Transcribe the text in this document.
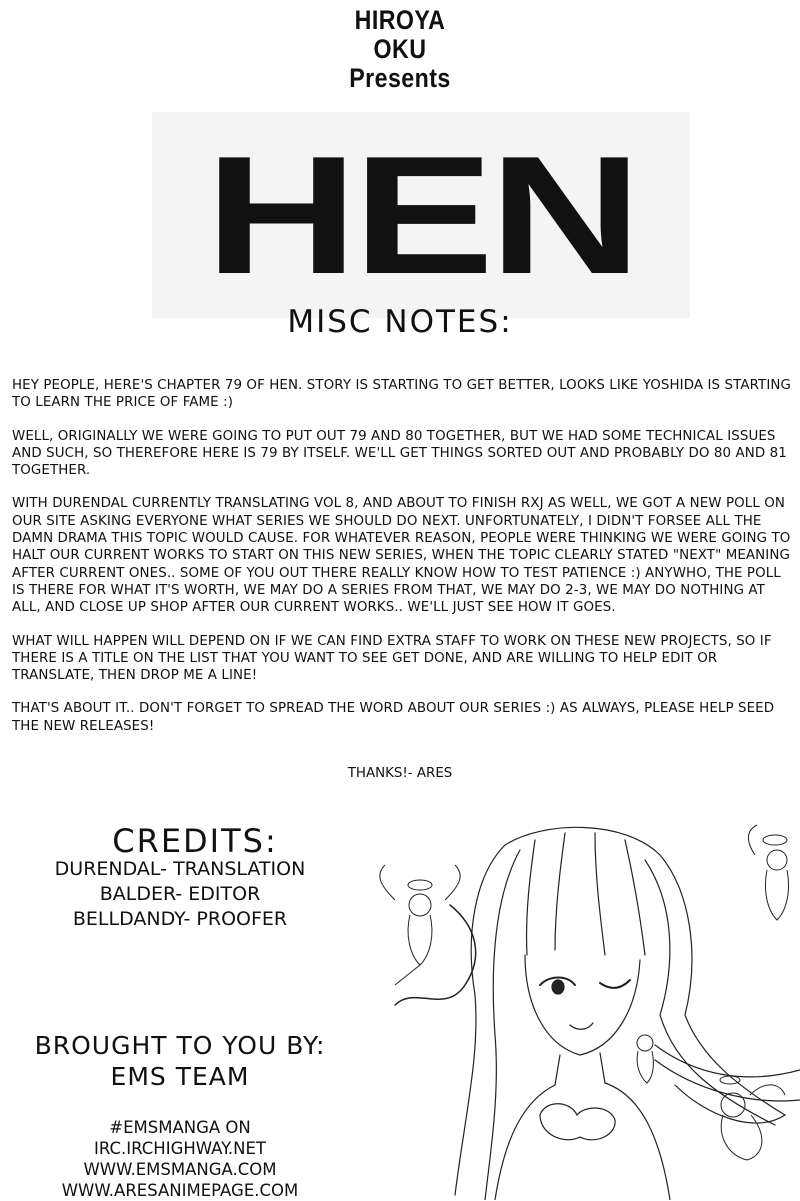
HIROYA
OKU
Presents
HEN
MISC NOTES:

HEY PEOPLE, HERE'S CHAPTER 79 OF HEN. STORY IS STARTING TO GET BETTER, LOOKS LIKE YOSHIDA IS STARTING TO LEARN THE PRICE OF FAME :)

WELL, ORIGINALLY WE WERE GOING TO PUT OUT 79 AND 80 TOGETHER, BUT WE HAD SOME TECHNICAL ISSUES AND SUCH, SO THEREFORE HERE IS 79 BY ITSELF. WE'LL GET THINGS SORTED OUT AND PROBABLY DO 80 AND 81 TOGETHER.

WITH DURENDAL CURRENTLY TRANSLATING VOL 8, AND ABOUT TO FINISH RXJ AS WELL, WE GOT A NEW POLL ON OUR SITE ASKING EVERYONE WHAT SERIES WE SHOULD DO NEXT. UNFORTUNATELY, I DIDN'T FORSEE ALL THE DAMN DRAMA THIS TOPIC WOULD CAUSE. FOR WHATEVER REASON, PEOPLE WERE THINKING WE WERE GOING TO HALT OUR CURRENT WORKS TO START ON THIS NEW SERIES, WHEN THE TOPIC CLEARLY STATED "NEXT" MEANING AFTER CURRENT ONES.. SOME OF YOU OUT THERE REALLY KNOW HOW TO TEST PATIENCE :) ANYWHO, THE POLL IS THERE FOR WHAT IT'S WORTH, WE MAY DO A SERIES FROM THAT, WE MAY DO 2-3, WE MAY DO NOTHING AT ALL, AND CLOSE UP SHOP AFTER OUR CURRENT WORKS.. WE'LL JUST SEE HOW IT GOES.

WHAT WILL HAPPEN WILL DEPEND ON IF WE CAN FIND EXTRA STAFF TO WORK ON THESE NEW PROJECTS, SO IF THERE IS A TITLE ON THE LIST THAT YOU WANT TO SEE GET DONE, AND ARE WILLING TO HELP EDIT OR TRANSLATE, THEN DROP ME A LINE!

THAT'S ABOUT IT.. DON'T FORGET TO SPREAD THE WORD ABOUT OUR SERIES :) AS ALWAYS, PLEASE HELP SEED THE NEW RELEASES!

THANKS!- ARES
CREDITS:
DURENDAL- TRANSLATION
BALDER- EDITOR
BELLDANDY- PROOFER
BROUGHT TO YOU BY:
EMS TEAM
#EMSMANGA ON
IRC.IRCHIGHWAY.NET
WWW.EMSMANGA.COM
WWW.ARESANIMEPAGE.COM
